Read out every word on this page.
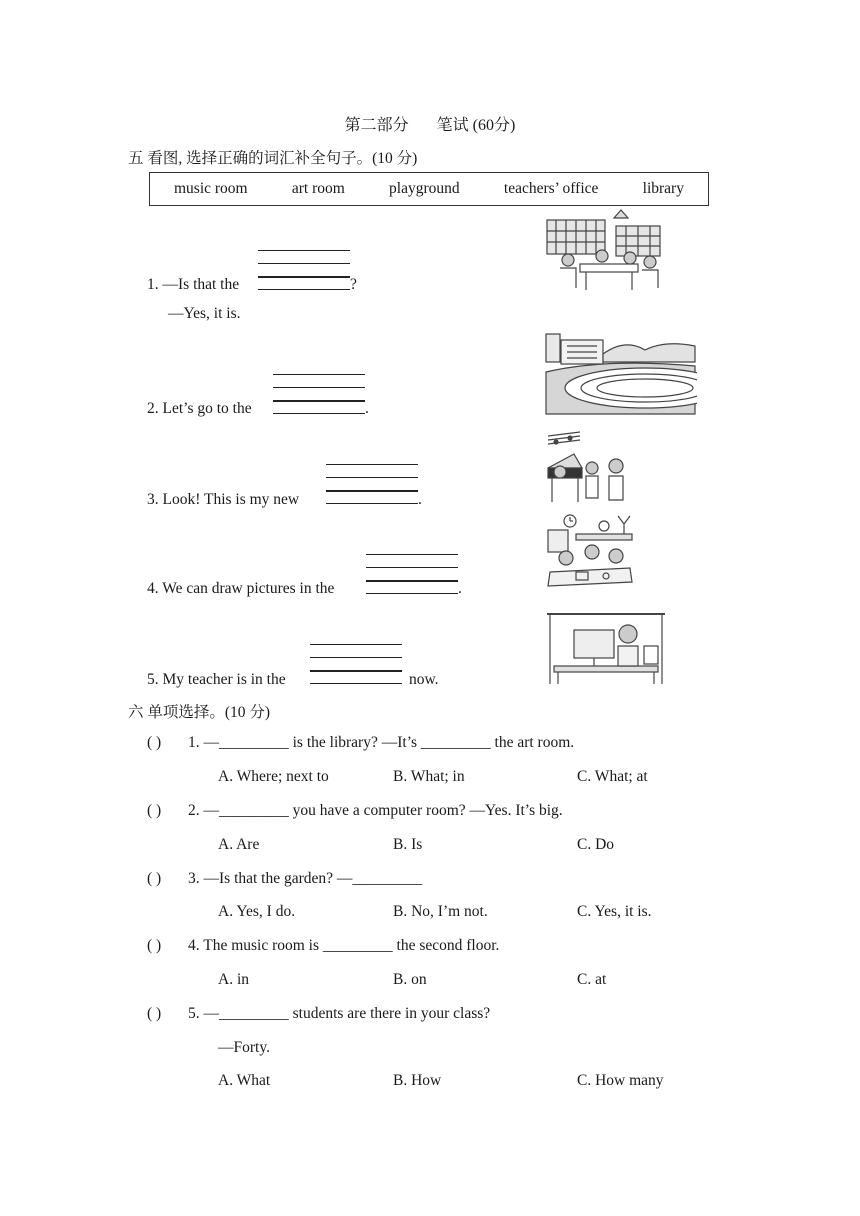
第二部分 笔试 (60分)
五 看图, 选择正确的词汇补全句子。(10 分)
music room	art room	playground	teachers’ office	library
1. —Is that the	?
—Yes, it is.
2. Let’s go to the	.
3. Look! This is my new	.
4. We can draw pictures in the	.
5. My teacher is in the	now.
六 单项选择。(10 分)
( ) 1. —_________ is the library? —It’s _________ the art room.
A. Where; next to	B. What; in	C. What; at
( ) 2. —_________ you have a computer room? —Yes. It’s big.
A. Are	B. Is	C. Do
( ) 3. —Is that the garden? —_________
A. Yes, I do.	B. No, I’m not.	C. Yes, it is.
( ) 4. The music room is _________ the second floor.
A. in	B. on	C. at
( ) 5. —_________ students are there in your class?
—Forty.
A. What	B. How	C. How many
